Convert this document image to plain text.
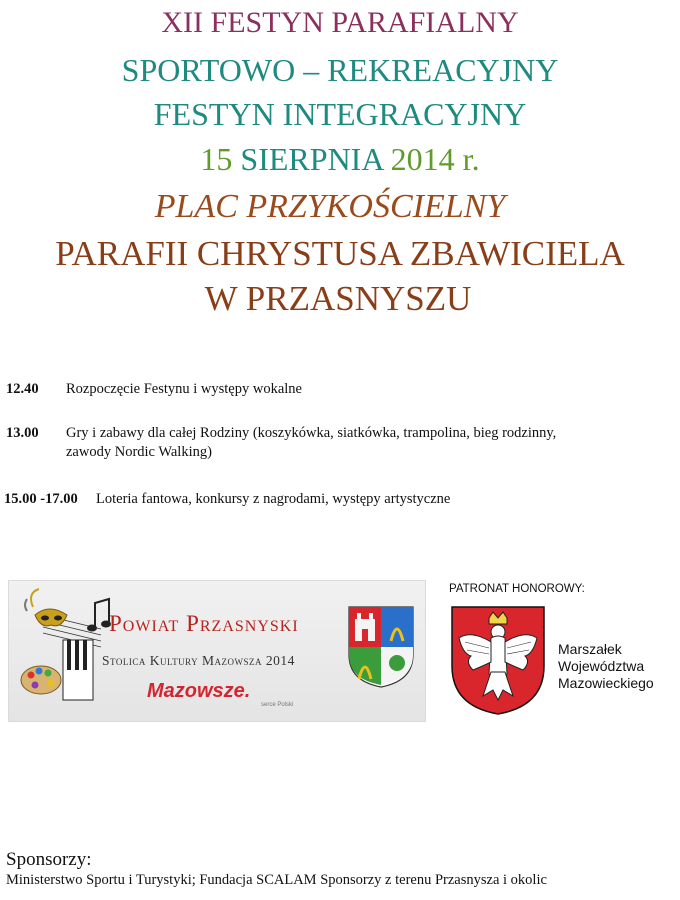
XII FESTYN PARAFIALNY
SPORTOWO – REKREACYJNY
FESTYN INTEGRACYJNY
15 SIERPNIA 2014 r.
PLAC PRZYKOŚCIELNY
PARAFII CHRYSTUSA ZBAWICIELA
W PRZASNYSZU
12.40 Rozpoczęcie Festynu i występy wokalne
13.00 Gry i zabawy dla całej Rodziny (koszykówka, siatkówka, trampolina, bieg rodzinny,
zawody Nordic Walking)
15.00 -17.00 Loteria fantowa, konkursy z nagrodami, występy artystyczne
Powiat Przasnyski
Stolica Kultury Mazowsza 2014
Mazowsze.
serce Polski
PATRONAT HONOROWY:
Marszałek
Województwa
Mazowieckiego
Sponsorzy:
Ministerstwo Sportu i Turystyki; Fundacja SCALAM Sponsorzy z terenu Przasnysza i okolic
